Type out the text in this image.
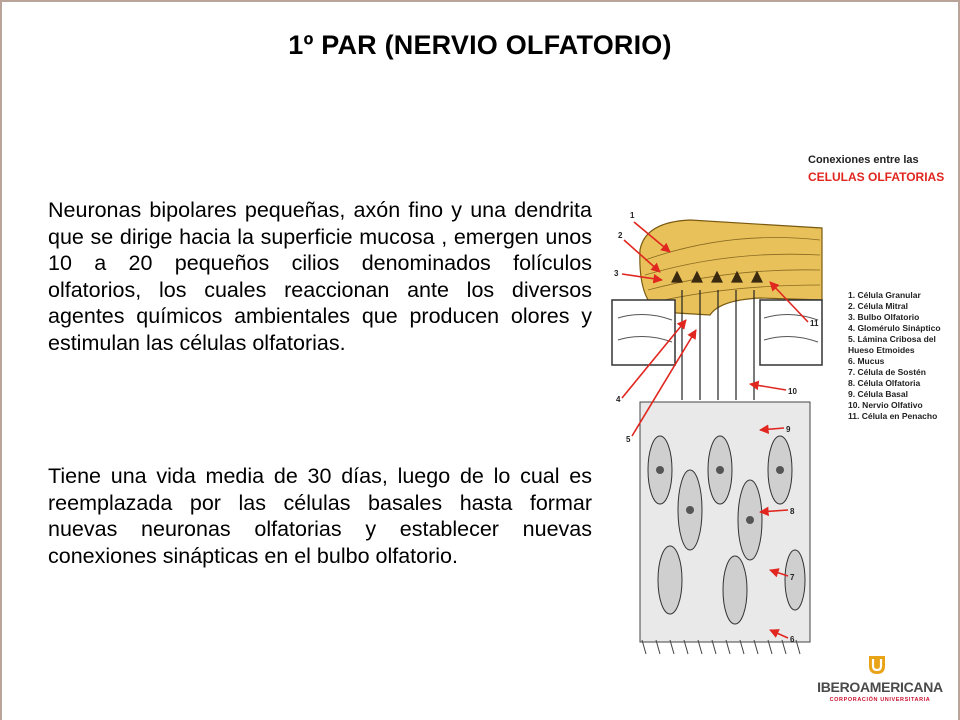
1º PAR (NERVIO OLFATORIO)

Neuronas bipolares pequeñas, axón fino y una dendrita que se dirige hacia la superficie mucosa , emergen unos 10 a 20 pequeños cilios denominados folículos olfatorios, los cuales reaccionan ante los diversos agentes químicos ambientales que producen olores y estimulan las células olfatorias.

Tiene una vida media de 30 días, luego de lo cual es reemplazada por las células basales hasta formar nuevas neuronas olfatorias y establecer nuevas conexiones sinápticas en el bulbo olfatorio.

1
2
3
4
5
6
7
8
9
10
11
Conexiones entre las
CELULAS OLFATORIAS
1. Célula Granular
2. Célula Mitral
3. Bulbo Olfatorio
4. Glomérulo Sináptico
5. Lámina Cribosa del
Hueso Etmoides
6. Mucus
7. Célula de Sostén
8. Célula Olfatoria
9. Célula Basal
10. Nervio Olfativo
11. Célula en Penacho
IBEROAMERICANA
CORPORACIÓN UNIVERSITARIA
